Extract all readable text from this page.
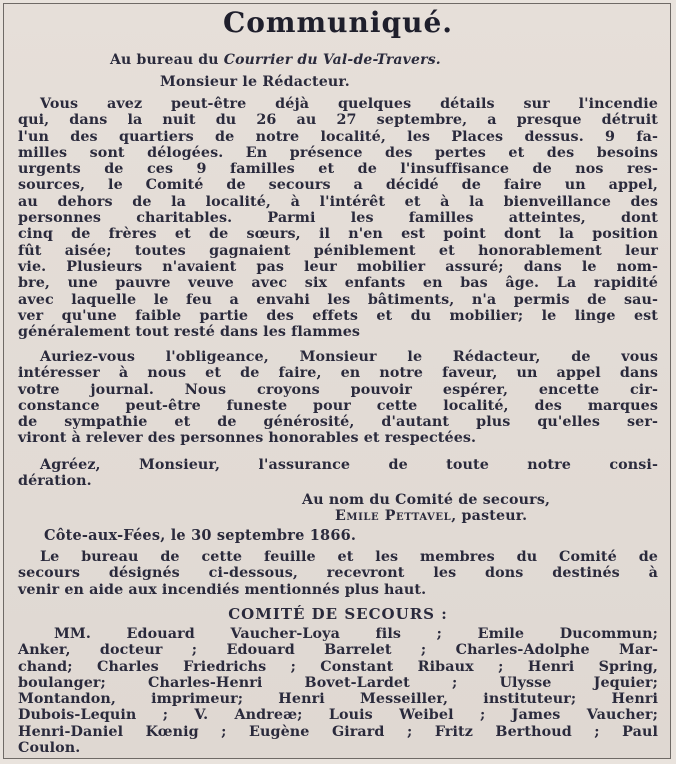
Communiqué.
Au bureau du Courrier du Val-de-Travers.
Monsieur le Rédacteur.
Vous avez peut-être déjà quelques détails sur l'incendie
qui, dans la nuit du 26 au 27 septembre, a presque détruit
l'un des quartiers de notre localité, les Places dessus. 9 fa-
milles sont délogées. En présence des pertes et des besoins
urgents de ces 9 familles et de l'insuffisance de nos res-
sources, le Comité de secours a décidé de faire un appel,
au dehors de la localité, à l'intérêt et à la bienveillance des
personnes charitables. Parmi les familles atteintes, dont
cinq de frères et de sœurs, il n'en est point dont la position
fût aisée; toutes gagnaient péniblement et honorablement leur
vie. Plusieurs n'avaient pas leur mobilier assuré; dans le nom-
bre, une pauvre veuve avec six enfants en bas âge. La rapidité
avec laquelle le feu a envahi les bâtiments, n'a permis de sau-
ver qu'une faible partie des effets et du mobilier; le linge est
généralement tout resté dans les flammes
Auriez-vous l'obligeance, Monsieur le Rédacteur, de vous
intéresser à nous et de faire, en notre faveur, un appel dans
votre journal. Nous croyons pouvoir espérer, encette cir-
constance peut-être funeste pour cette localité, des marques
de sympathie et de générosité, d'autant plus qu'elles ser-
viront à relever des personnes honorables et respectées.
Agréez, Monsieur, l'assurance de toute notre consi-
dération.
Au nom du Comité de secours,
Emile Pettavel, pasteur.
Côte-aux-Fées, le 30 septembre 1866.
Le bureau de cette feuille et les membres du Comité de
secours désignés ci-dessous, recevront les dons destinés à
venir en aide aux incendiés mentionnés plus haut.
COMITÉ DE SECOURS :
MM. Edouard Vaucher-Loya fils ; Emile Ducommun;
Anker, docteur ; Edouard Barrelet ; Charles-Adolphe Mar-
chand; Charles Friedrichs ; Constant Ribaux ; Henri Spring,
boulanger; Charles-Henri Bovet-Lardet ; Ulysse Jequier;
Montandon, imprimeur; Henri Messeiller, instituteur; Henri
Dubois-Lequin ; V. Andreæ; Louis Weibel ; James Vaucher;
Henri-Daniel Kœnig ; Eugène Girard ; Fritz Berthoud ; Paul
Coulon.
